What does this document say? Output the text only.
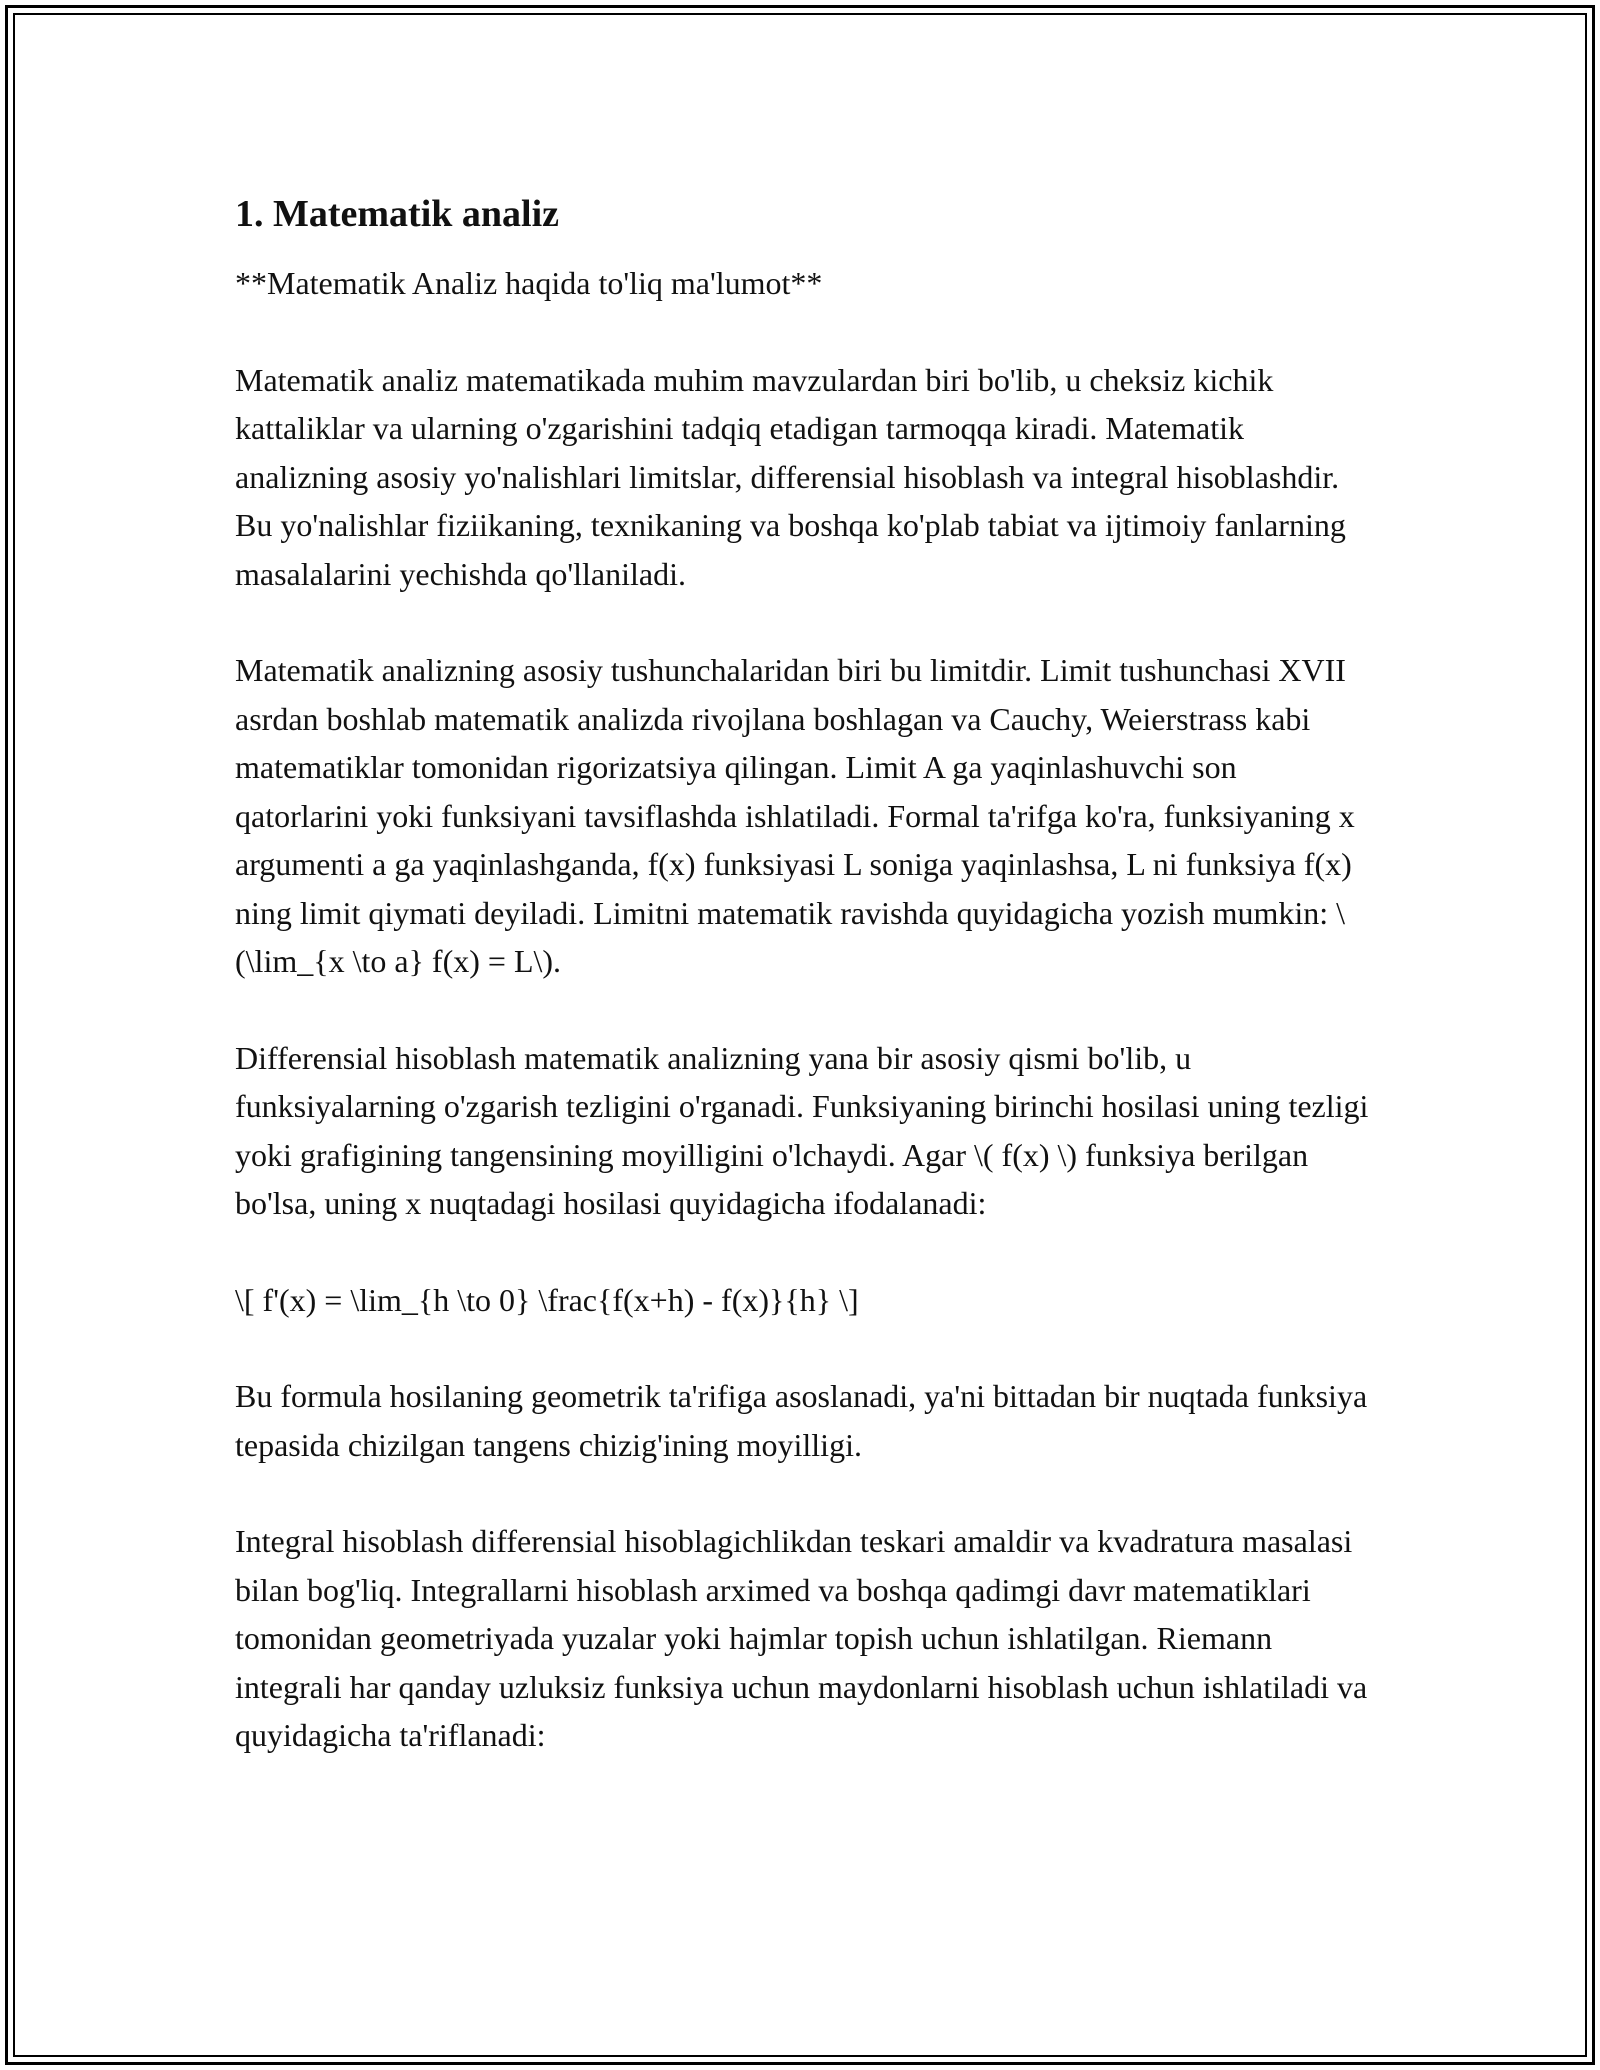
1. Matematik analiz

**Matematik Analiz haqida to'liq ma'lumot**

Matematik analiz matematikada muhim mavzulardan biri bo'lib, u cheksiz kichik kattaliklar va ularning o'zgarishini tadqiq etadigan tarmoqqa kiradi. Matematik analizning asosiy yo'nalishlari limitslar, differensial hisoblash va integral hisoblashdir. Bu yo'nalishlar fiziikaning, texnikaning va boshqa ko'plab tabiat va ijtimoiy fanlarning masalalarini yechishda qo'llaniladi.

Matematik analizning asosiy tushunchalaridan biri bu limitdir. Limit tushunchasi XVII asrdan boshlab matematik analizda rivojlana boshlagan va Cauchy, Weierstrass kabi matematiklar tomonidan rigorizatsiya qilingan. Limit A ga yaqinlashuvchi son qatorlarini yoki funksiyani tavsiflashda ishlatiladi. Formal ta'rifga ko'ra, funksiyaning x argumenti a ga yaqinlashganda, f(x) funksiyasi L soniga yaqinlashsa, L ni funksiya f(x) ning limit qiymati deyiladi. Limitni matematik ravishda quyidagicha yozish mumkin: \(\lim_{x \to a} f(x) = L\).

Differensial hisoblash matematik analizning yana bir asosiy qismi bo'lib, u funksiyalarning o'zgarish tezligini o'rganadi. Funksiyaning birinchi hosilasi uning tezligi yoki grafigining tangensining moyilligini o'lchaydi. Agar \( f(x) \) funksiya berilgan bo'lsa, uning x nuqtadagi hosilasi quyidagicha ifodalanadi:

\[ f'(x) = \lim_{h \to 0} \frac{f(x+h) - f(x)}{h} \]

Bu formula hosilaning geometrik ta'rifiga asoslanadi, ya'ni bittadan bir nuqtada funksiya tepasida chizilgan tangens chizig'ining moyilligi.

Integral hisoblash differensial hisoblagichlikdan teskari amaldir va kvadratura masalasi bilan bog'liq. Integrallarni hisoblash arximed va boshqa qadimgi davr matematiklari tomonidan geometriyada yuzalar yoki hajmlar topish uchun ishlatilgan. Riemann integrali har qanday uzluksiz funksiya uchun maydonlarni hisoblash uchun ishlatiladi va quyidagicha ta'riflanadi:
